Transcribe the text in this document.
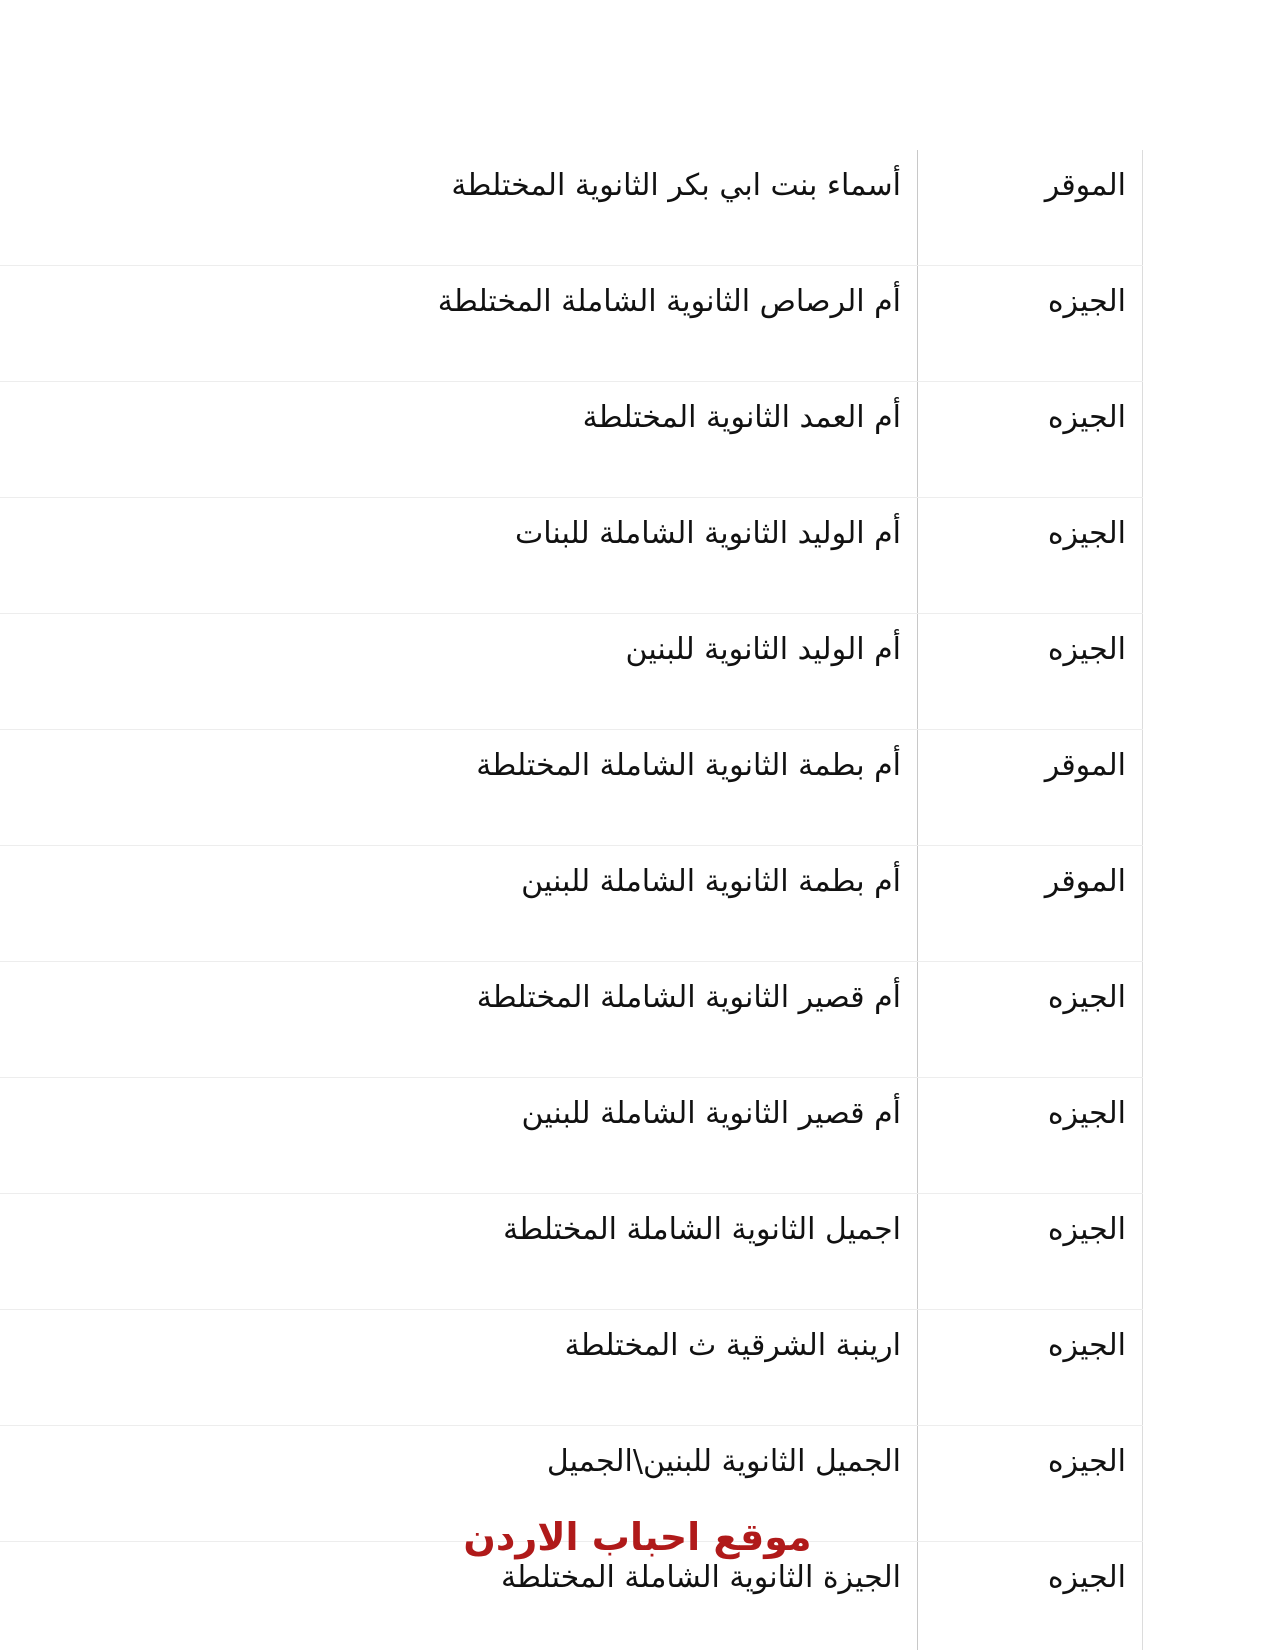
الموقر	أسماء بنت ابي بكر الثانوية المختلطة
الجيزه	أم الرصاص الثانوية الشاملة المختلطة
الجيزه	أم العمد الثانوية المختلطة
الجيزه	أم الوليد الثانوية الشاملة للبنات
الجيزه	أم الوليد الثانوية للبنين
الموقر	أم بطمة الثانوية الشاملة المختلطة
الموقر	أم بطمة الثانوية الشاملة للبنين
الجيزه	أم قصير الثانوية الشاملة المختلطة
الجيزه	أم قصير الثانوية الشاملة للبنين
الجيزه	اجميل الثانوية الشاملة المختلطة
الجيزه	ارينبة الشرقية ث المختلطة
الجيزه	الجميل الثانوية للبنين\الجميل
الجيزه	الجيزة الثانوية الشاملة المختلطة
موقع احباب الاردن
